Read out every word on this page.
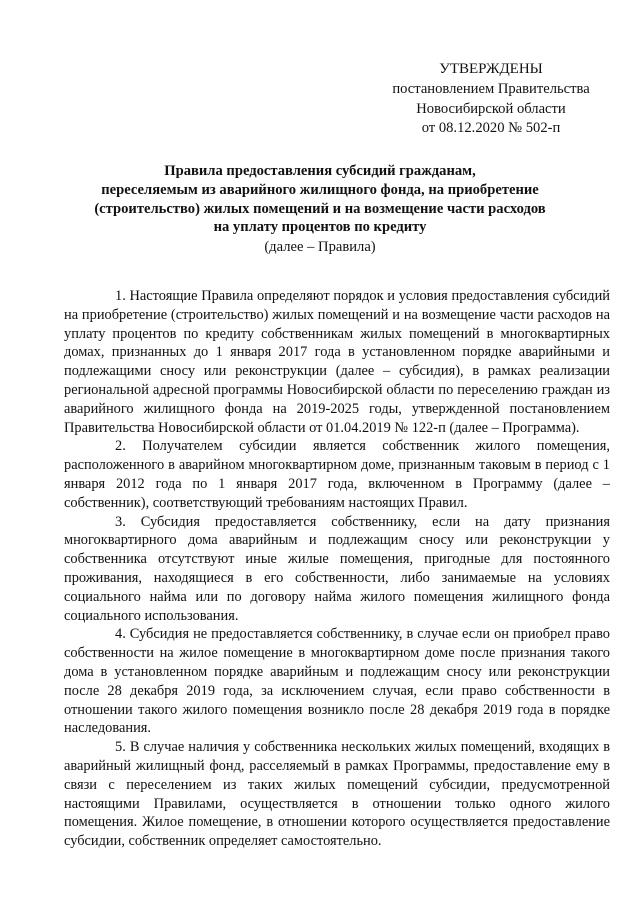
УТВЕРЖДЕНЫ
постановлением Правительства
Новосибирской области
от 08.12.2020 № 502-п
Правила предоставления субсидий гражданам,
переселяемым из аварийного жилищного фонда, на приобретение
(строительство) жилых помещений и на возмещение части расходов
на уплату процентов по кредиту
(далее – Правила)

1. Настоящие Правила определяют порядок и условия предоставления субсидий на приобретение (строительство) жилых помещений и на возмещение части расходов на уплату процентов по кредиту собственникам жилых помещений в многоквартирных домах, признанных до 1 января 2017 года в установленном порядке аварийными и подлежащими сносу или реконструкции (далее – субсидия), в рамках реализации региональной адресной программы Новосибирской области по переселению граждан из аварийного жилищного фонда на 2019-2025 годы, утвержденной постановлением Правительства Новосибирской области от 01.04.2019 № 122-п (далее – Программа).

2. Получателем субсидии является собственник жилого помещения, расположенного в аварийном многоквартирном доме, признанным таковым в период с 1 января 2012 года по 1 января 2017 года, включенном в Программу (далее – собственник), соответствующий требованиям настоящих Правил.

3. Субсидия предоставляется собственнику, если на дату признания многоквартирного дома аварийным и подлежащим сносу или реконструкции у собственника отсутствуют иные жилые помещения, пригодные для постоянного проживания, находящиеся в его собственности, либо занимаемые на условиях социального найма или по договору найма жилого помещения жилищного фонда социального использования.

4. Субсидия не предоставляется собственнику, в случае если он приобрел право собственности на жилое помещение в многоквартирном доме после признания такого дома в установленном порядке аварийным и подлежащим сносу или реконструкции после 28 декабря 2019 года, за исключением случая, если право собственности в отношении такого жилого помещения возникло после 28 декабря 2019 года в порядке наследования.

5. В случае наличия у собственника нескольких жилых помещений, входящих в аварийный жилищный фонд, расселяемый в рамках Программы, предоставление ему в связи с переселением из таких жилых помещений субсидии, предусмотренной настоящими Правилами, осуществляется в отношении только одного жилого помещения. Жилое помещение, в отношении которого осуществляется предоставление субсидии, собственник определяет самостоятельно.
